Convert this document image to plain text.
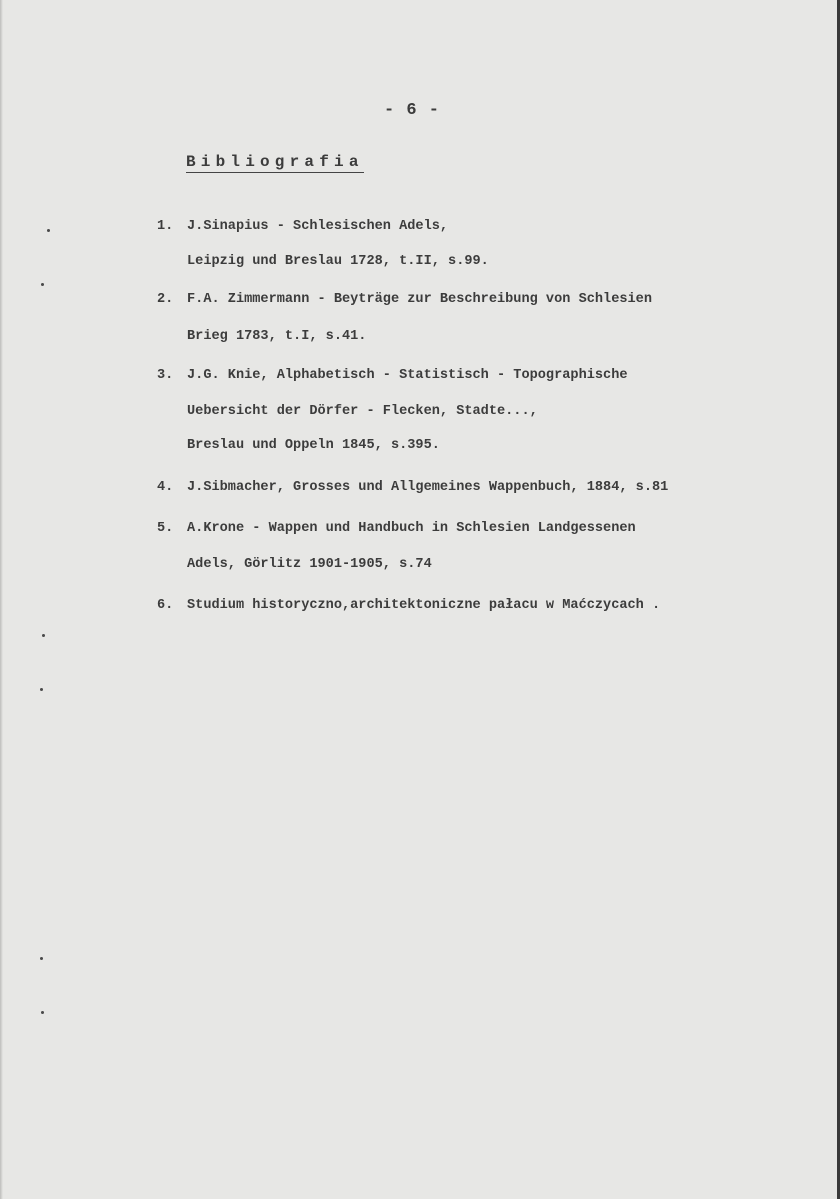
- 6 -
Bibliografia
1. J.Sinapius - Schlesischen Adels,
Leipzig und Breslau 1728, t.II, s.99.
2. F.A. Zimmermann - Beyträge zur Beschreibung von Schlesien
Brieg 1783, t.I, s.41.
3. J.G. Knie, Alphabetisch - Statistisch - Topographische
Uebersicht der Dörfer - Flecken, Stadte...,
Breslau und Oppeln 1845, s.395.
4. J.Sibmacher, Grosses und Allgemeines Wappenbuch, 1884, s.81
5. A.Krone - Wappen und Handbuch in Schlesien Landgessenen
Adels, Görlitz 1901-1905, s.74
6. Studium historyczno,architektoniczne pałacu w Maćczycach .
